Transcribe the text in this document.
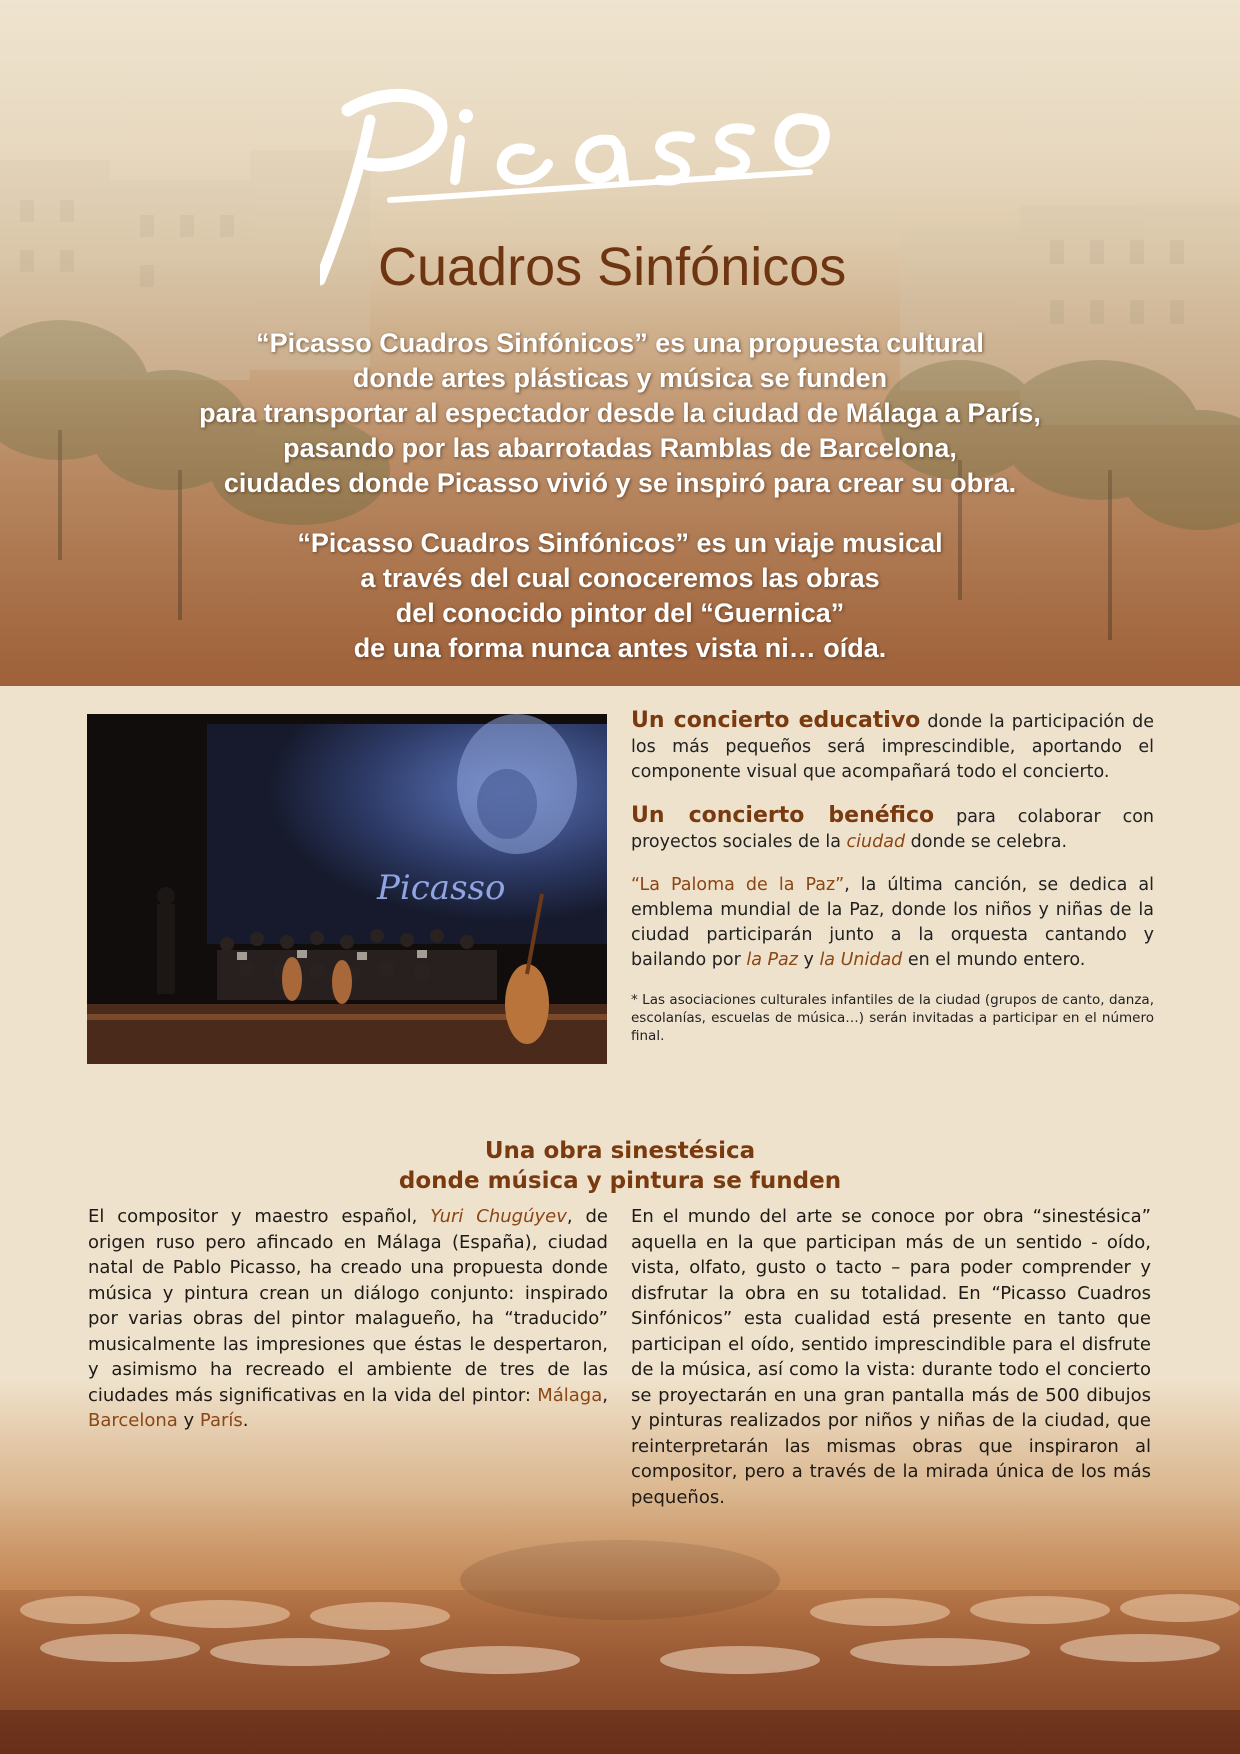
Cuadros Sinfónicos
“Picasso Cuadros Sinfónicos” es una propuesta cultural
donde artes plásticas y música se funden
para transportar al espectador desde la ciudad de Málaga a París,
pasando por las abarrotadas Ramblas de Barcelona,
ciudades donde Picasso vivió y se inspiró para crear su obra.
“Picasso Cuadros Sinfónicos” es un viaje musical
a través del cual conoceremos las obras
del conocido pintor del “Guernica”
de una forma nunca antes vista ni… oída.
Picasso

Un concierto educativo donde la participación de los más pequeños será imprescindible, aportando el componente visual que acompañará todo el concierto.

Un concierto benéfico para colaborar con proyectos sociales de la ciudad donde se celebra.

“La Paloma de la Paz”, la última canción, se dedica al emblema mundial de la Paz, donde los niños y niñas de la ciudad participarán junto a la orquesta cantando y bailando por la Paz y la Unidad en el mundo entero.

* Las asociaciones culturales infantiles de la ciudad (grupos de canto, danza, escolanías, escuelas de música…) serán invitadas a participar en el número final.

Una obra sinestésica
donde música y pintura se funden
El compositor y maestro español, Yuri Chugúyev, de origen ruso pero afincado en Málaga (España), ciudad natal de Pablo Picasso, ha creado una propuesta donde música y pintura crean un diálogo conjunto: inspirado por varias obras del pintor malagueño, ha “traducido” musicalmente las impresiones que éstas le despertaron, y asimismo ha recreado el ambiente de tres de las ciudades más significativas en la vida del pintor: Málaga, Barcelona y París.
En el mundo del arte se conoce por obra “sinestésica” aquella en la que participan más de un sentido - oído, vista, olfato, gusto o tacto – para poder comprender y disfrutar la obra en su totalidad. En “Picasso Cuadros Sinfónicos” esta cualidad está presente en tanto que participan el oído, sentido imprescindible para el disfrute de la música, así como la vista: durante todo el concierto se proyectarán en una gran pantalla más de 500 dibujos y pinturas realizados por niños y niñas de la ciudad, que reinterpretarán las mismas obras que inspiraron al compositor, pero a través de la mirada única de los más pequeños.
